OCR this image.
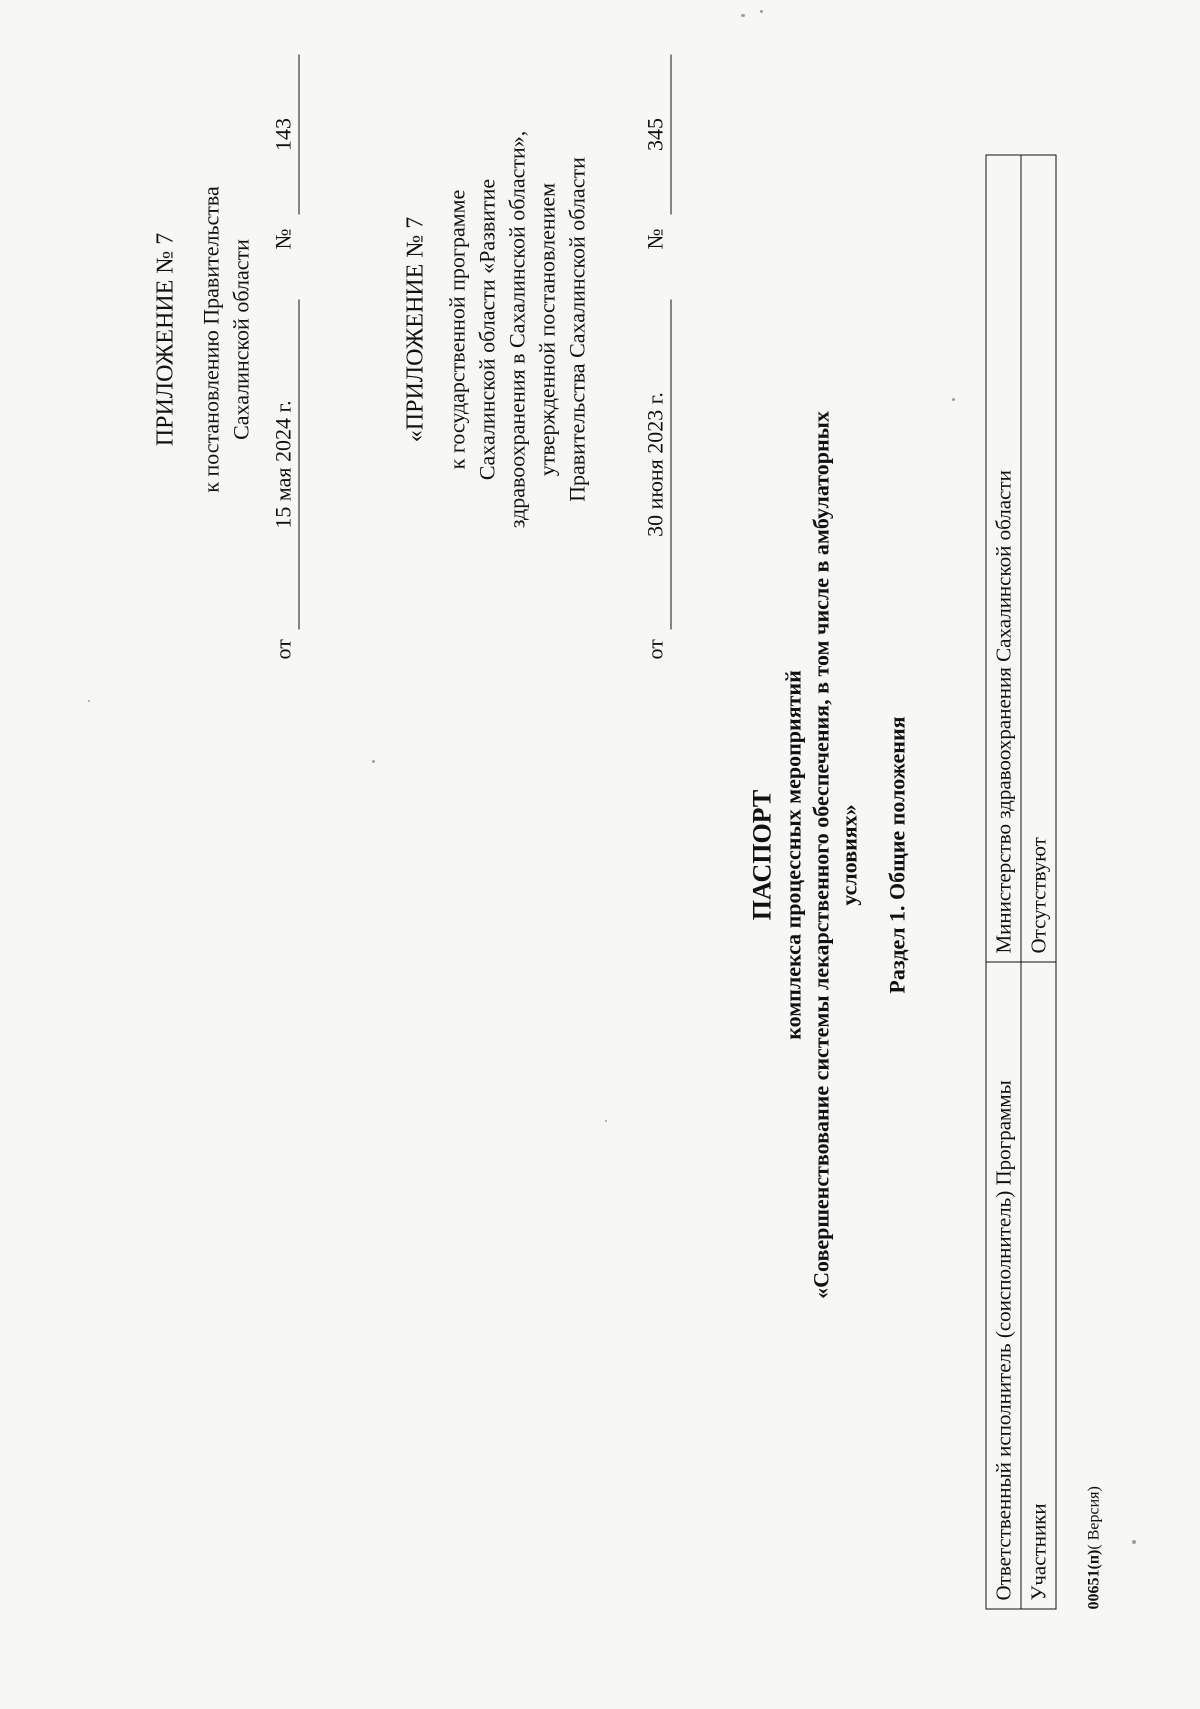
ПРИЛОЖЕНИЕ № 7 к постановлению Правительства Сахалинской области
от
15 мая 2024 г.
№
143
«ПРИЛОЖЕНИЕ № 7 к государственной программе Сахалинской области «Развитие здравоохранения в Сахалинской области», утвержденной постановлением Правительства Сахалинской области
от
30 июня 2023 г.
№
345
ПАСПОРТ комплекса процессных мероприятий «Совершенствование системы лекарственного обеспечения, в том числе в амбулаторных условиях» Раздел 1. Общие положения
Ответственный исполнитель (соисполнитель) Программы	Министерство здравоохранения Сахалинской области
Участники	Отсутствуют
00651(п)( Версия)
